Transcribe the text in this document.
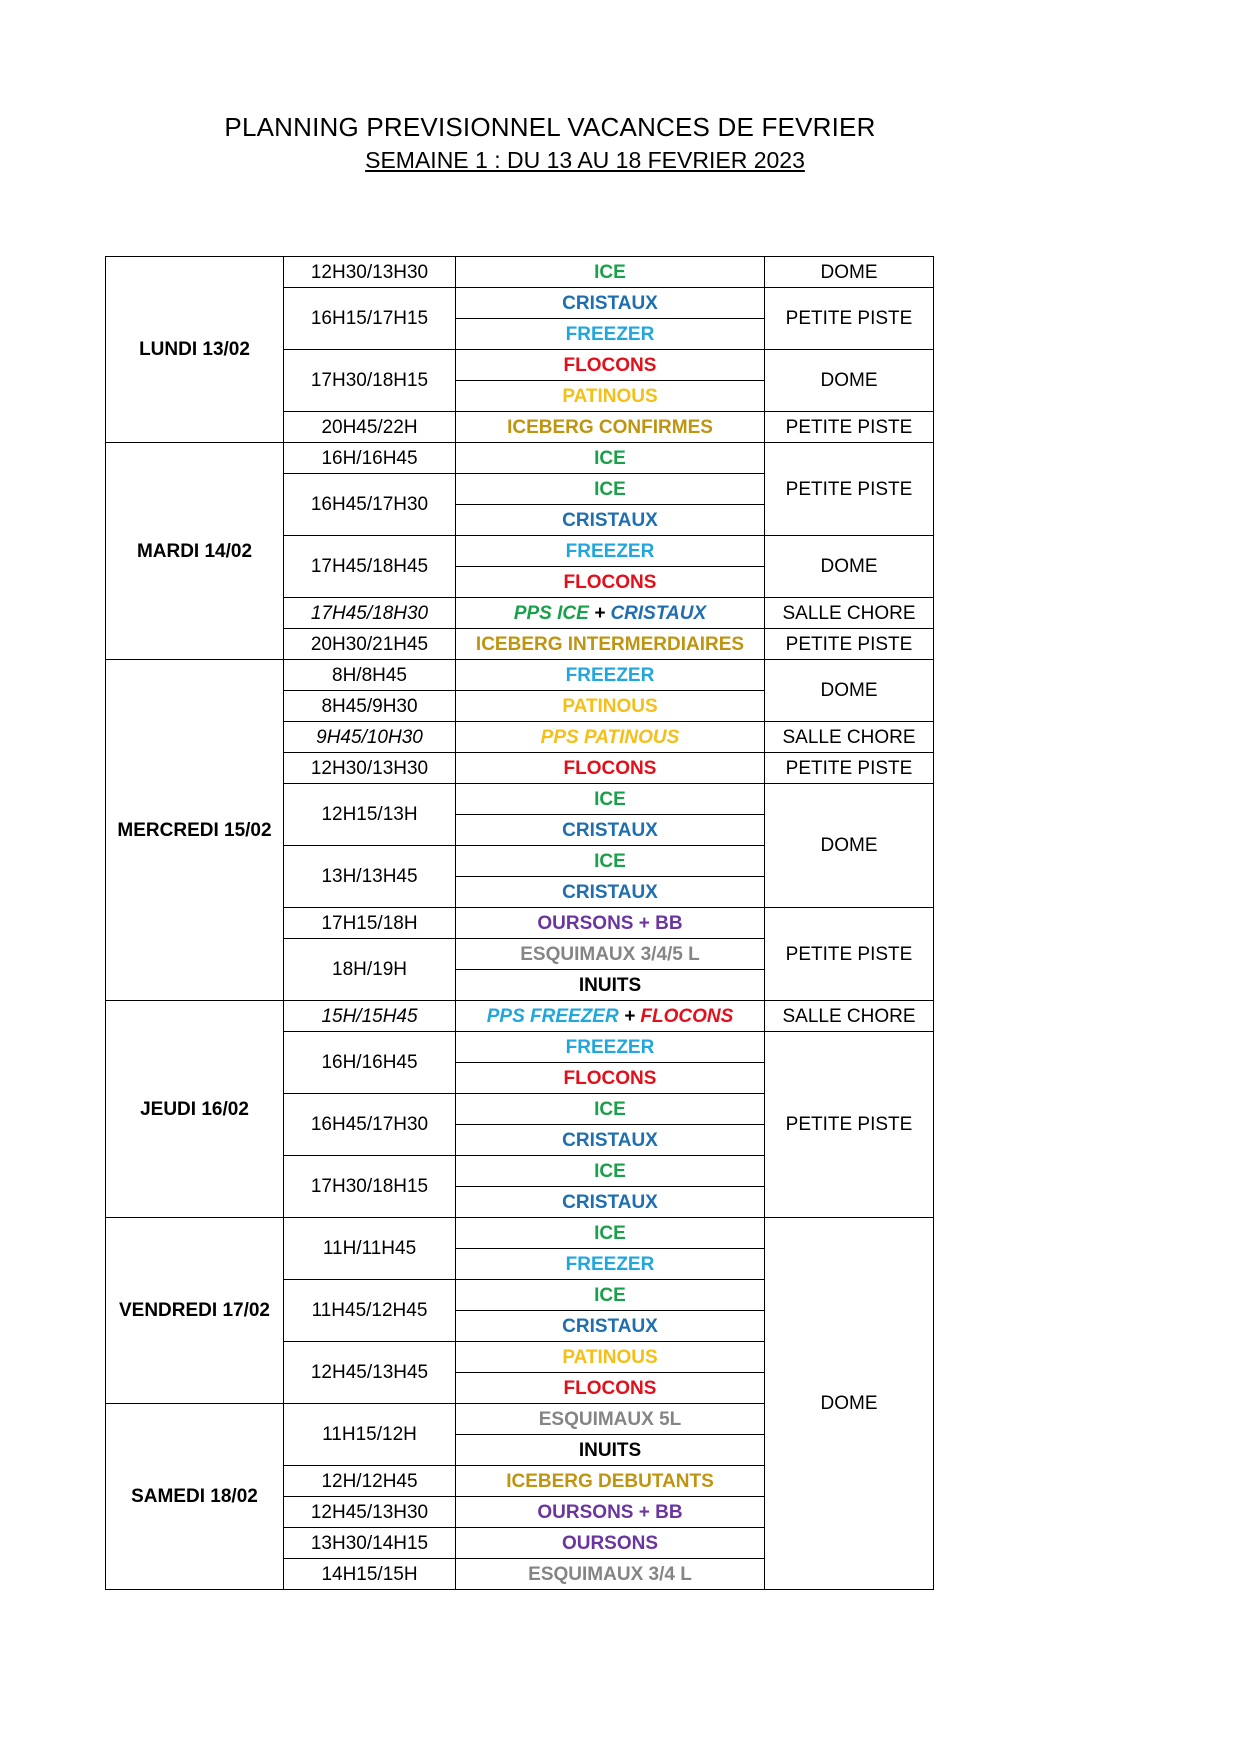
PLANNING PREVISIONNEL VACANCES DE FEVRIER
SEMAINE 1 : DU 13 AU 18 FEVRIER 2023
LUNDI 13/02	12H30/13H30	ICE	DOME
	16H15/17H15	CRISTAUX	PETITE PISTE
		FREEZER	
	17H30/18H15	FLOCONS	DOME
		PATINOUS	
	20H45/22H	ICEBERG CONFIRMES	PETITE PISTE
MARDI 14/02	16H/16H45	ICE	PETITE PISTE
	16H45/17H30	ICE	
		CRISTAUX	
	17H45/18H45	FREEZER	DOME
		FLOCONS	
	17H45/18H30	PPS ICE + CRISTAUX	SALLE CHORE
	20H30/21H45	ICEBERG INTERMERDIAIRES	PETITE PISTE
MERCREDI 15/02	8H/8H45	FREEZER	DOME
	8H45/9H30	PATINOUS	
	9H45/10H30	PPS PATINOUS	SALLE CHORE
	12H30/13H30	FLOCONS	PETITE PISTE
	12H15/13H	ICE	DOME
		CRISTAUX	
	13H/13H45	ICE	
		CRISTAUX	
	17H15/18H	OURSONS + BB	PETITE PISTE
	18H/19H	ESQUIMAUX 3/4/5 L	
		INUITS	
JEUDI 16/02	15H/15H45	PPS FREEZER + FLOCONS	SALLE CHORE
	16H/16H45	FREEZER	PETITE PISTE
		FLOCONS	
	16H45/17H30	ICE	
		CRISTAUX	
	17H30/18H15	ICE	
		CRISTAUX	
VENDREDI 17/02	11H/11H45	ICE	DOME
		FREEZER	
	11H45/12H45	ICE	
		CRISTAUX	
	12H45/13H45	PATINOUS	
		FLOCONS	
SAMEDI 18/02	11H15/12H	ESQUIMAUX 5L	
		INUITS	
	12H/12H45	ICEBERG DEBUTANTS	
	12H45/13H30	OURSONS + BB	
	13H30/14H15	OURSONS	
	14H15/15H	ESQUIMAUX 3/4 L	
